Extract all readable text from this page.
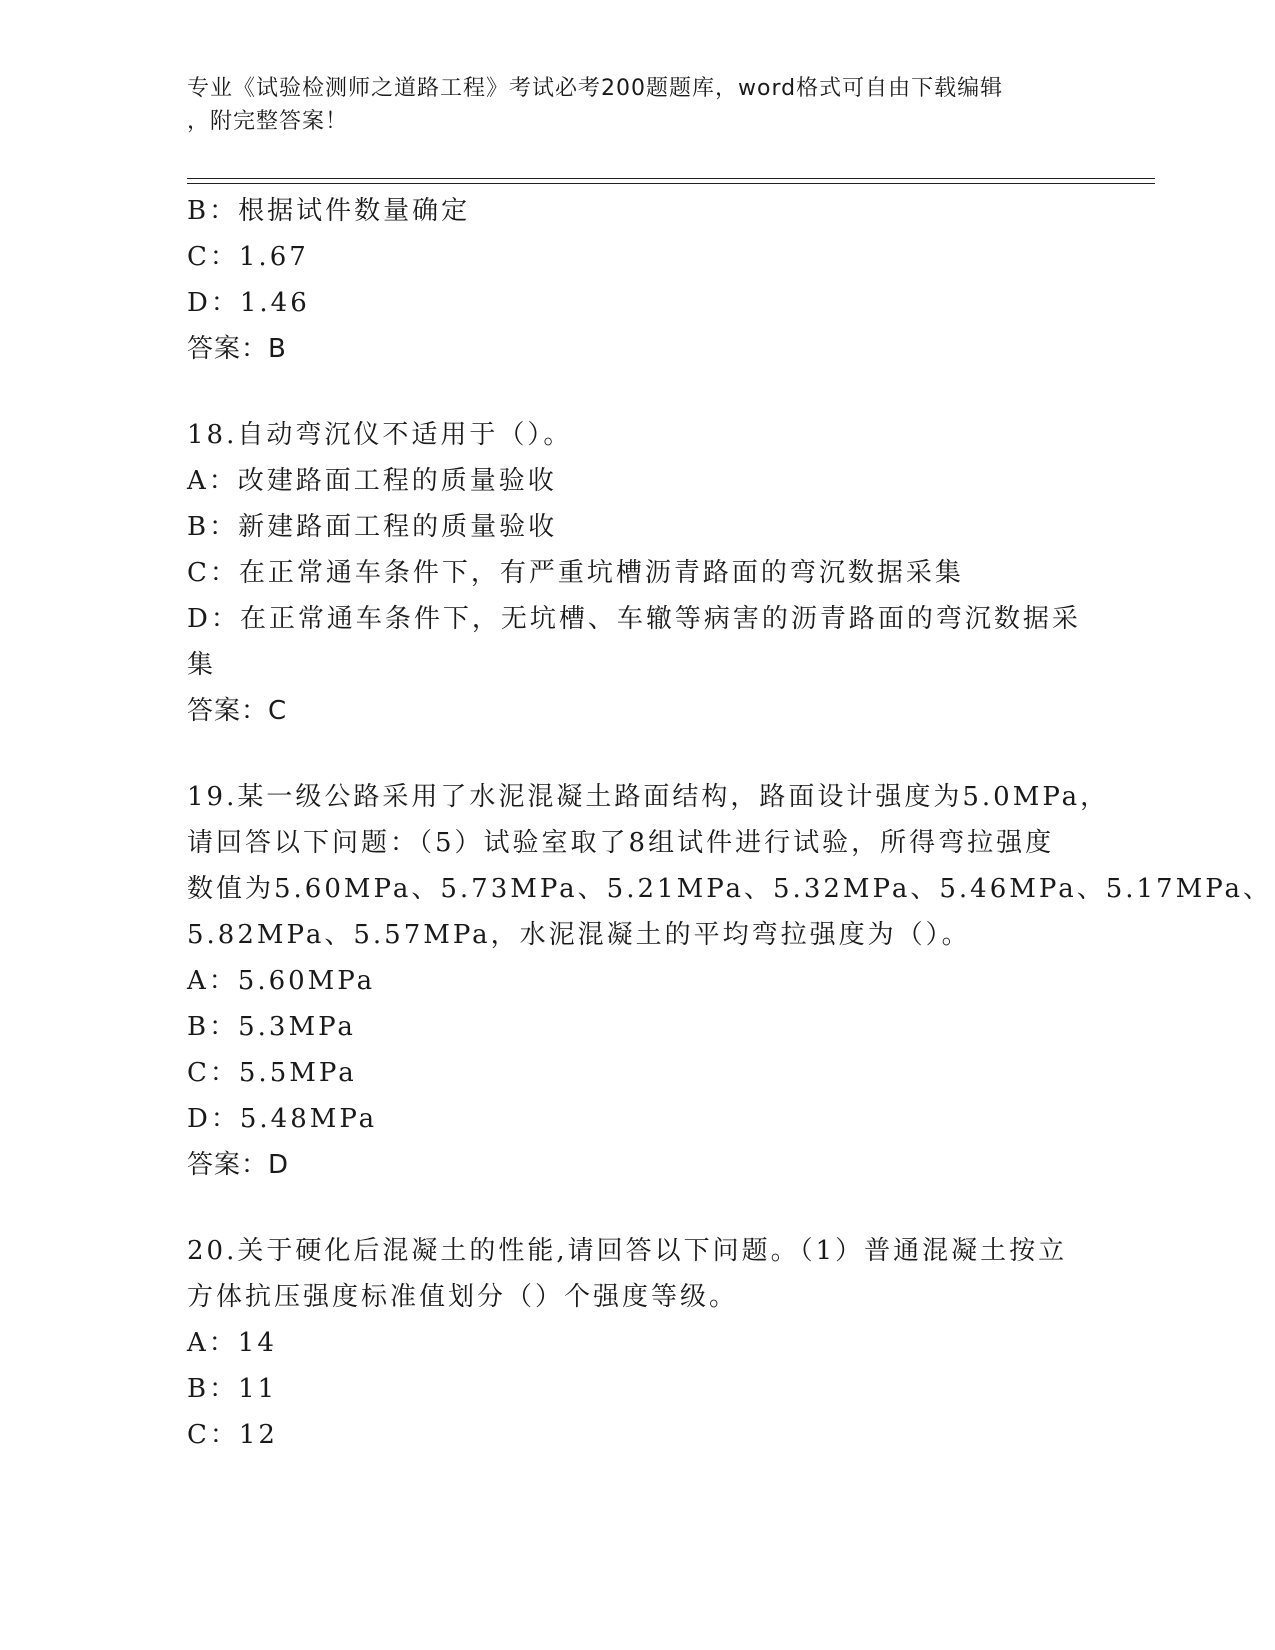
专业《试验检测师之道路工程》考试必考200题题库，word格式可自由下载编辑
，附完整答案！
B：根据试件数量确定
C：1.67
D：1.46
答案：B
18.自动弯沉仪不适用于（）。
A：改建路面工程的质量验收
B：新建路面工程的质量验收
C：在正常通车条件下，有严重坑槽沥青路面的弯沉数据采集
D：在正常通车条件下，无坑槽、车辙等病害的沥青路面的弯沉数据采
集
答案：C
19.某一级公路采用了水泥混凝土路面结构，路面设计强度为5.0MPa，
请回答以下问题：（5）试验室取了8组试件进行试验，所得弯拉强度
数值为5.60MPa、5.73MPa、5.21MPa、5.32MPa、5.46MPa、5.17MPa、
5.82MPa、5.57MPa，水泥混凝土的平均弯拉强度为（）。
A：5.60MPa
B：5.3MPa
C：5.5MPa
D：5.48MPa
答案：D
20.关于硬化后混凝土的性能,请回答以下问题。（1）普通混凝土按立
方体抗压强度标准值划分（）个强度等级。
A：14
B：11
C：12
